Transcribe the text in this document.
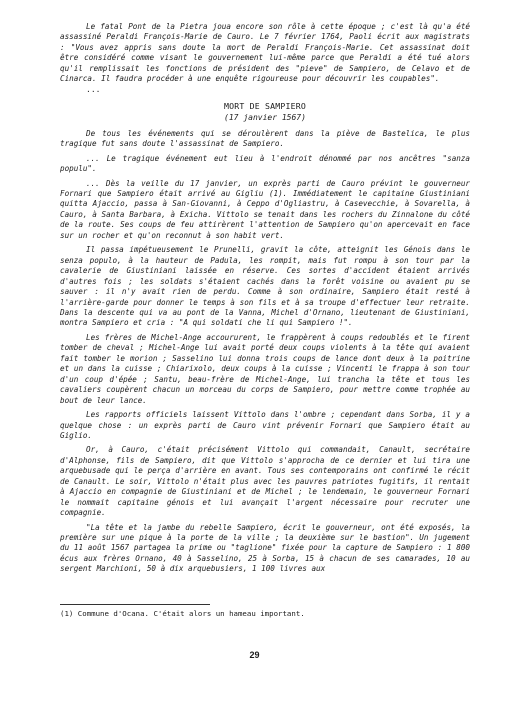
Le fatal Pont de la Pietra joua encore son rôle à cette époque ; c'est là qu'a été assassiné Peraldi François-Marie de Cauro. Le 7 février 1764, Paoli écrit aux magistrats : "Vous avez appris sans doute la mort de Peraldi François-Marie. Cet assassinat doit être considéré comme visant le gouvernement lui-même parce que Peraldi a été tué alors qu'il remplissait les fonctions de président des "pieve" de Sampiero, de Celavo et de Cinarca. Il faudra procéder à une enquête rigoureuse pour découvrir les coupables".

...
MORT DE SAMPIERO
(17 janvier 1567)

De tous les événements qui se déroulèrent dans la piève de Bastelica, le plus tragique fut sans doute l'assassinat de Sampiero.

... Le tragique événement eut lieu à l'endroit dénommé par nos ancêtres "sanza populu".

... Dès la veille du 17 janvier, un exprès parti de Cauro prévint le gouverneur Fornari que Sampiero était arrivé au Gigliu (1). Immédiatement le capitaine Giustiniani quitta Ajaccio, passa à San-Giovanni, à Ceppo d'Ogliastru, à Casevecchie, à Sovarella, à Cauro, à Santa Barbara, à Exicha. Vittolo se tenait dans les rochers du Zinnalone du côté de la route. Ses coups de feu attirèrent l'attention de Sampiero qu'on apercevait en face sur un rocher et qu'on reconnut à son habit vert.

Il passa impétueusement le Prunelli, gravit la côte, atteignit les Génois dans le senza populo, à la hauteur de Padula, les rompit, mais fut rompu à son tour par la cavalerie de Giustiniani laissée en réserve. Ces sortes d'accident étaient arrivés d'autres fois ; les soldats s'étaient cachés dans la forêt voisine ou avaient pu se sauver : il n'y avait rien de perdu. Comme à son ordinaire, Sampiero était resté à l'arrière-garde pour donner le temps à son fils et à sa troupe d'effectuer leur retraite. Dans la descente qui va au pont de la Vanna, Michel d'Ornano, lieutenant de Giustiniani, montra Sampiero et cria : "A qui soldati che li qui Sampiero !".

Les frères de Michel-Ange accoururent, le frappèrent à coups redoublés et le firent tomber de cheval ; Michel-Ange lui avait porté deux coups violents à la tête qui avaient fait tomber le morion ; Sasselino lui donna trois coups de lance dont deux à la poitrine et un dans la cuisse ; Chiarixolo, deux coups à la cuisse ; Vincenti le frappa à son tour d'un coup d'épée ; Santu, beau-frère de Michel-Ange, lui trancha la tête et tous les cavaliers coupèrent chacun un morceau du corps de Sampiero, pour mettre comme trophée au bout de leur lance.

Les rapports officiels laissent Vittolo dans l'ombre ; cependant dans Sorba, il y a quelque chose : un exprès parti de Cauro vint prévenir Fornari que Sampiero était au Giglio.

Or, à Cauro, c'était précisément Vittolo qui commandait, Canault, secrétaire d'Alphonse, fils de Sampiero, dit que Vittolo s'approcha de ce dernier et lui tira une arquebusade qui le perça d'arrière en avant. Tous ses contemporains ont confirmé le récit de Canault. Le soir, Vittolo n'était plus avec les pauvres patriotes fugitifs, il rentait à Ajaccio en compagnie de Giustiniani et de Michel ; le lendemain, le gouverneur Fornari le nommait capitaine génois et lui avançait l'argent nécessaire pour recruter une compagnie.

"La tête et la jambe du rebelle Sampiero, écrit le gouverneur, ont été exposés, la première sur une pique à la porte de la ville ; la deuxième sur le bastion". Un jugement du 11 août 1567 partagea la prime ou "taglione" fixée pour la capture de Sampiero : 1 800 écus aux frères Ornano, 40 à Sasselino, 25 à Sorba, 15 à chacun de ses camarades, 10 au sergent Marchioni, 50 à dix arquebusiers, 1 100 livres aux

(1) Commune d'Ocana. C'était alors un hameau important.
29
